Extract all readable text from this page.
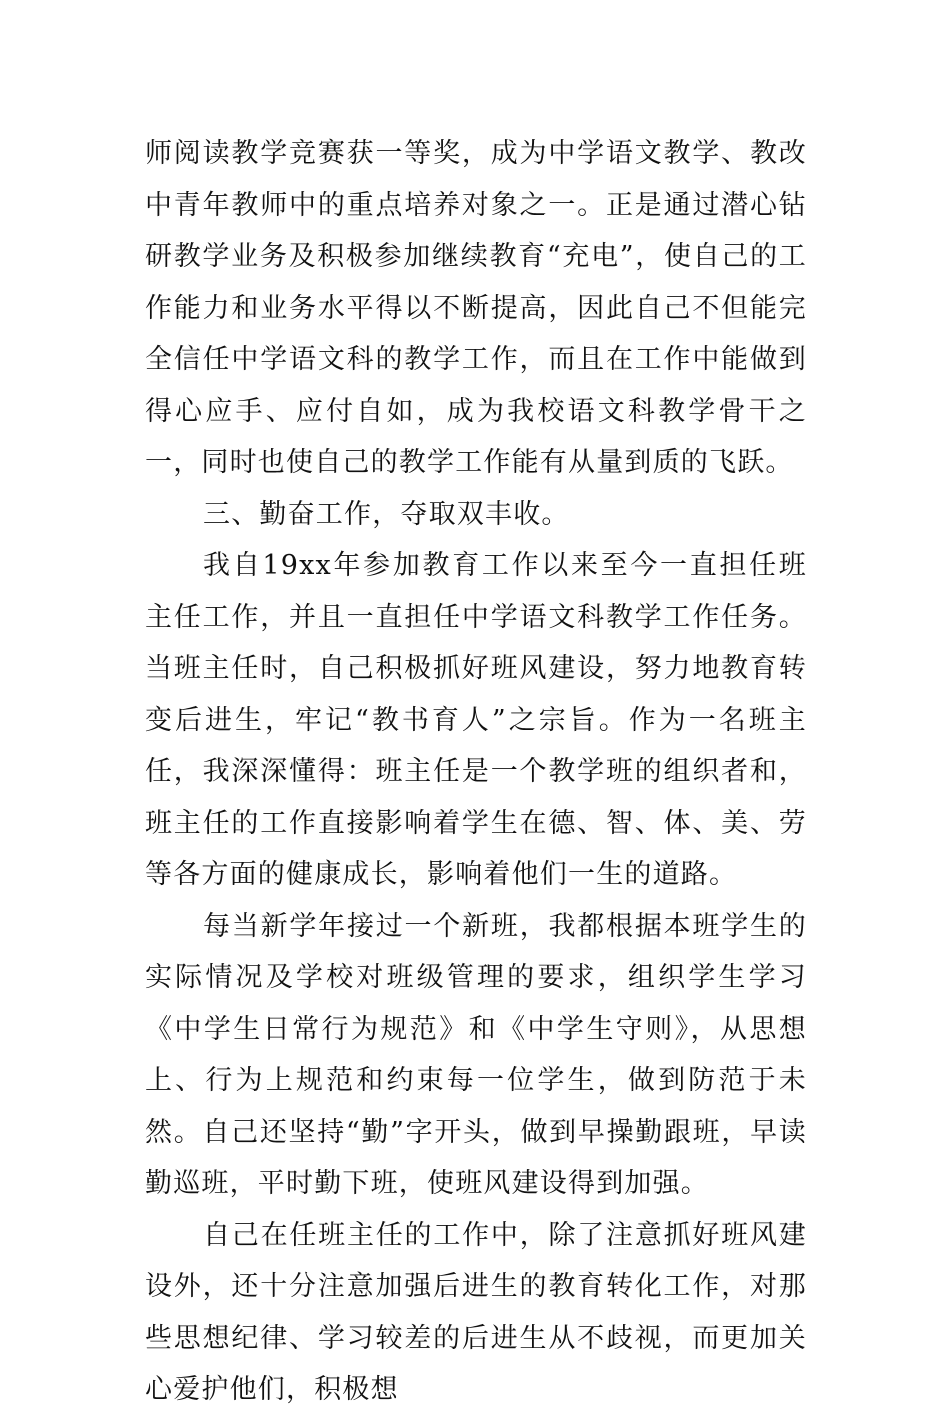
师阅读教学竞赛获一等奖，成为中学语文教学、教改中青年教师中的重点培养对象之一。正是通过潜心钻研教学业务及积极参加继续教育“充电”，使自己的工作能力和业务水平得以不断提高，因此自己不但能完全信任中学语文科的教学工作，而且在工作中能做到得心应手、应付自如，成为我校语文科教学骨干之一，同时也使自己的教学工作能有从量到质的飞跃。

三、勤奋工作，夺取双丰收。

我自19xx年参加教育工作以来至今一直担任班主任工作，并且一直担任中学语文科教学工作任务。当班主任时，自己积极抓好班风建设，努力地教育转变后进生，牢记“教书育人”之宗旨。作为一名班主任，我深深懂得：班主任是一个教学班的组织者和，班主任的工作直接影响着学生在德、智、体、美、劳等各方面的健康成长，影响着他们一生的道路。

每当新学年接过一个新班，我都根据本班学生的实际情况及学校对班级管理的要求，组织学生学习《中学生日常行为规范》和《中学生守则》，从思想上、行为上规范和约束每一位学生，做到防范于未然。自己还坚持“勤”字开头，做到早操勤跟班，早读勤巡班，平时勤下班，使班风建设得到加强。

自己在任班主任的工作中，除了注意抓好班风建设外，还十分注意加强后进生的教育转化工作，对那些思想纪律、学习较差的后进生从不歧视，而更加关心爱护他们，积极想
